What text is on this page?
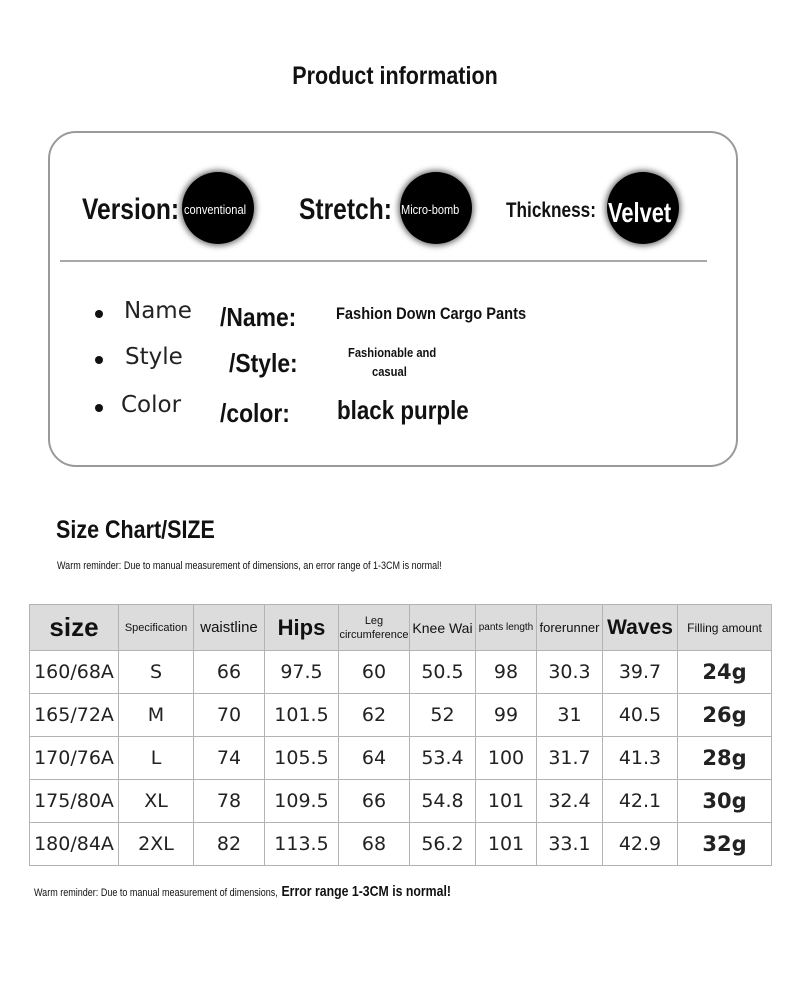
Product information
Version: conventional Stretch: Micro-bomb Thickness: Velvet
Name /Name: Fashion Down Cargo Pants
Style /Style:	Fashionable and
casual
Color /color: black purple
Size Chart/SIZE
Warm reminder: Due to manual measurement of dimensions, an error range of 1-3CM is normal!
size	Specification	waistline	Hips	Leg
circumference	Knee Wai	pants length	forerunner	Waves	Filling amount
160/68A	S	66	97.5	60	50.5	98	30.3	39.7	24g
165/72A	M	70	101.5	62	52	99	31	40.5	26g
170/76A	L	74	105.5	64	53.4	100	31.7	41.3	28g
175/80A	XL	78	109.5	66	54.8	101	32.4	42.1	30g
180/84A	2XL	82	113.5	68	56.2	101	33.1	42.9	32g
Warm reminder: Due to manual measurement of dimensions, Error range 1-3CM is normal!
